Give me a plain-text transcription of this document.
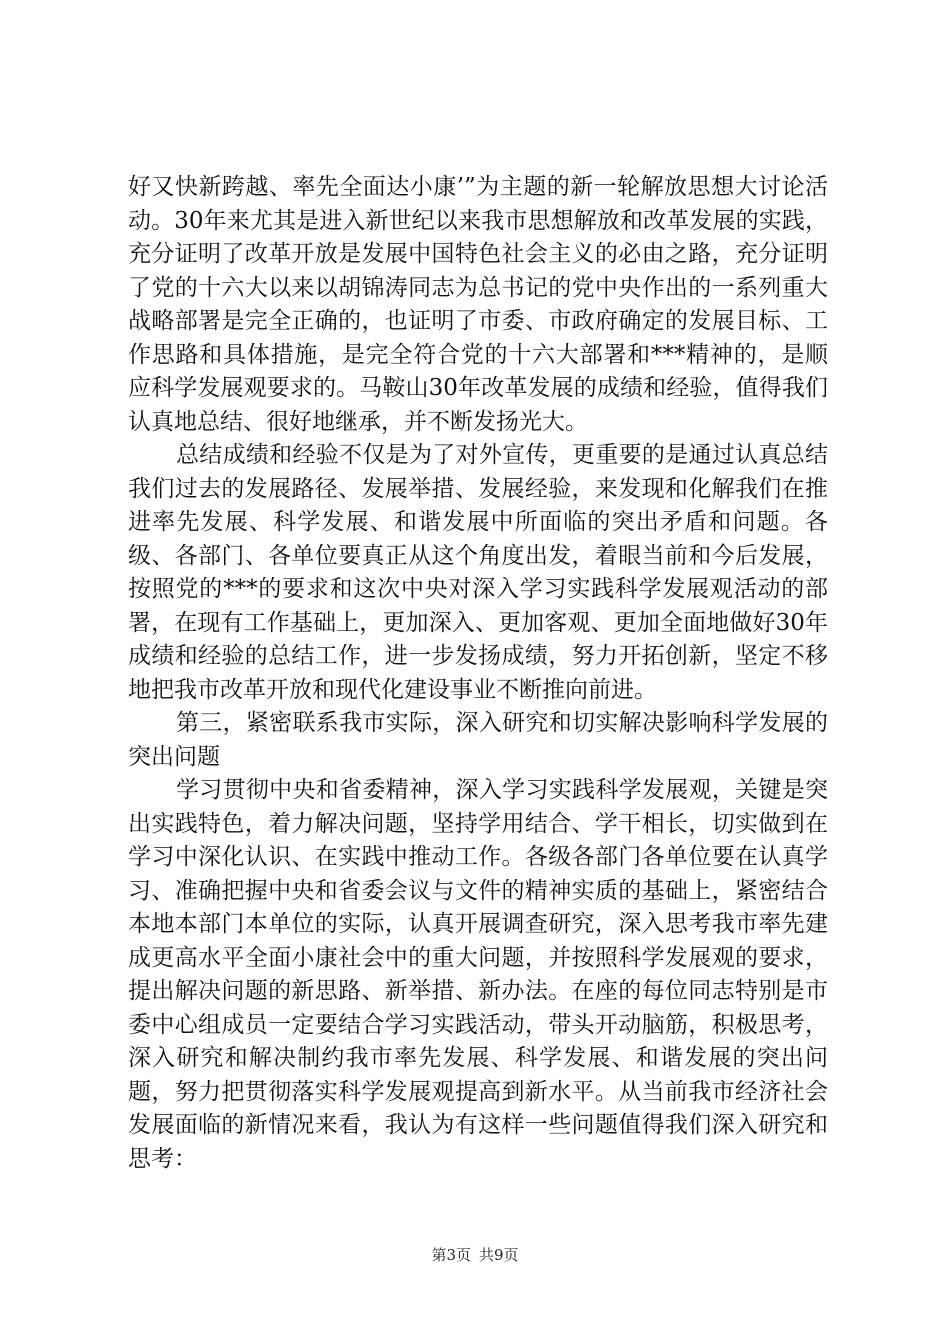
好又快新跨越、率先全面达小康’”为主题的新一轮解放思想大讨论活动。30年来尤其是进入新世纪以来我市思想解放和改革发展的实践，充分证明了改革开放是发展中国特色社会主义的必由之路，充分证明了党的十六大以来以胡锦涛同志为总书记的党中央作出的一系列重大战略部署是完全正确的，也证明了市委、市政府确定的发展目标、工作思路和具体措施，是完全符合党的十六大部署和***精神的，是顺应科学发展观要求的。马鞍山30年改革发展的成绩和经验，值得我们认真地总结、很好地继承，并不断发扬光大。

总结成绩和经验不仅是为了对外宣传，更重要的是通过认真总结我们过去的发展路径、发展举措、发展经验，来发现和化解我们在推进率先发展、科学发展、和谐发展中所面临的突出矛盾和问题。各级、各部门、各单位要真正从这个角度出发，着眼当前和今后发展，按照党的***的要求和这次中央对深入学习实践科学发展观活动的部署，在现有工作基础上，更加深入、更加客观、更加全面地做好30年成绩和经验的总结工作，进一步发扬成绩，努力开拓创新，坚定不移地把我市改革开放和现代化建设事业不断推向前进。

第三，紧密联系我市实际，深入研究和切实解决影响科学发展的突出问题

学习贯彻中央和省委精神，深入学习实践科学发展观，关键是突出实践特色，着力解决问题，坚持学用结合、学干相长，切实做到在学习中深化认识、在实践中推动工作。各级各部门各单位要在认真学习、准确把握中央和省委会议与文件的精神实质的基础上，紧密结合本地本部门本单位的实际，认真开展调查研究，深入思考我市率先建成更高水平全面小康社会中的重大问题，并按照科学发展观的要求，提出解决问题的新思路、新举措、新办法。在座的每位同志特别是市委中心组成员一定要结合学习实践活动，带头开动脑筋，积极思考，深入研究和解决制约我市率先发展、科学发展、和谐发展的突出问题，努力把贯彻落实科学发展观提高到新水平。从当前我市经济社会发展面临的新情况来看，我认为有这样一些问题值得我们深入研究和思考：

第3页 共9页
